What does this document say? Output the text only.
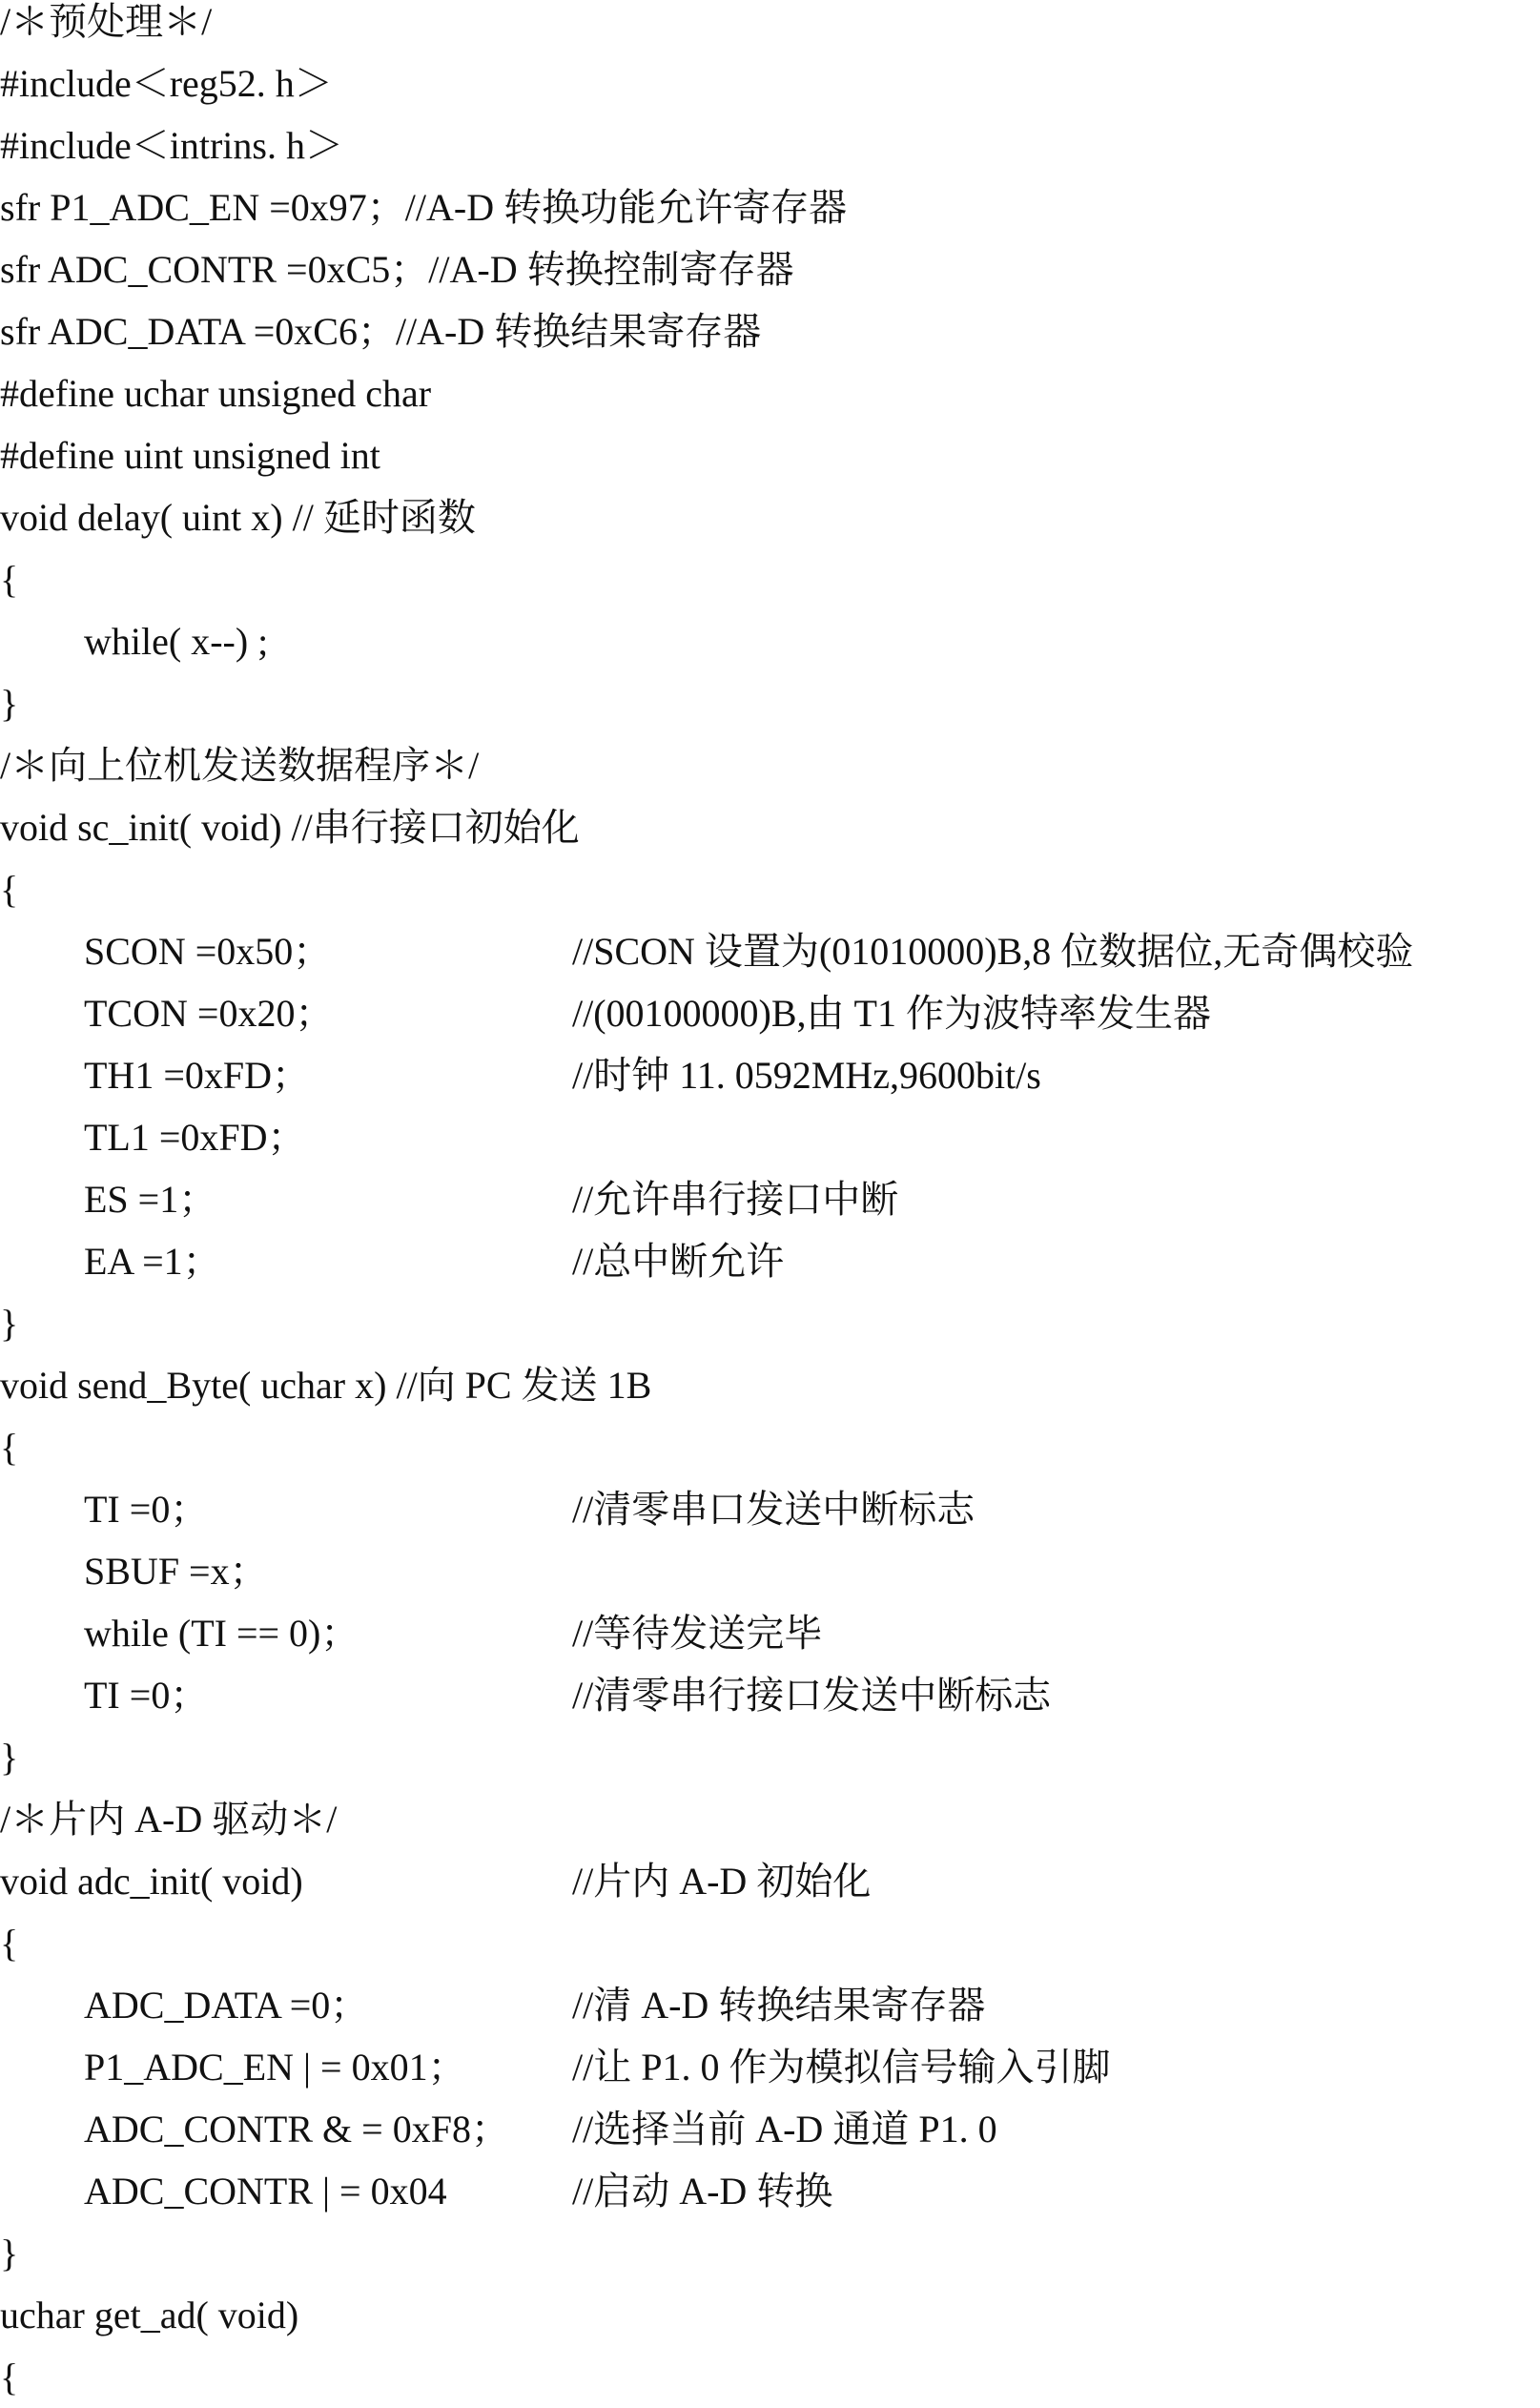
/＊预处理＊/
#include＜reg52. h＞
#include＜intrins. h＞
sfr P1_ADC_EN =0x97；//A-D 转换功能允许寄存器
sfr ADC_CONTR =0xC5；//A-D 转换控制寄存器
sfr ADC_DATA =0xC6；//A-D 转换结果寄存器
#define uchar unsigned char
#define uint unsigned int
void delay( uint x) // 延时函数
{
while( x--) ;
}
/＊向上位机发送数据程序＊/
void sc_init( void) //串行接口初始化
{
SCON =0x50；	//SCON 设置为(01010000)B,8 位数据位,无奇偶校验
TCON =0x20；	//(00100000)B,由 T1 作为波特率发生器
TH1 =0xFD；	//时钟 11. 0592MHz,9600bit/s
TL1 =0xFD；
ES =1；	//允许串行接口中断
EA =1；	//总中断允许
}
void send_Byte( uchar x) //向 PC 发送 1B
{
TI =0；	//清零串口发送中断标志
SBUF =x；
while (TI == 0)；	//等待发送完毕
TI =0；	//清零串行接口发送中断标志
}
/＊片内 A-D 驱动＊/
void adc_init( void)	//片内 A-D 初始化
{
ADC_DATA =0；	//清 A-D 转换结果寄存器
P1_ADC_EN | = 0x01；	//让 P1. 0 作为模拟信号输入引脚
ADC_CONTR & = 0xF8； //选择当前 A-D 通道 P1. 0
ADC_CONTR | = 0x04	//启动 A-D 转换
}
uchar get_ad( void)
{
